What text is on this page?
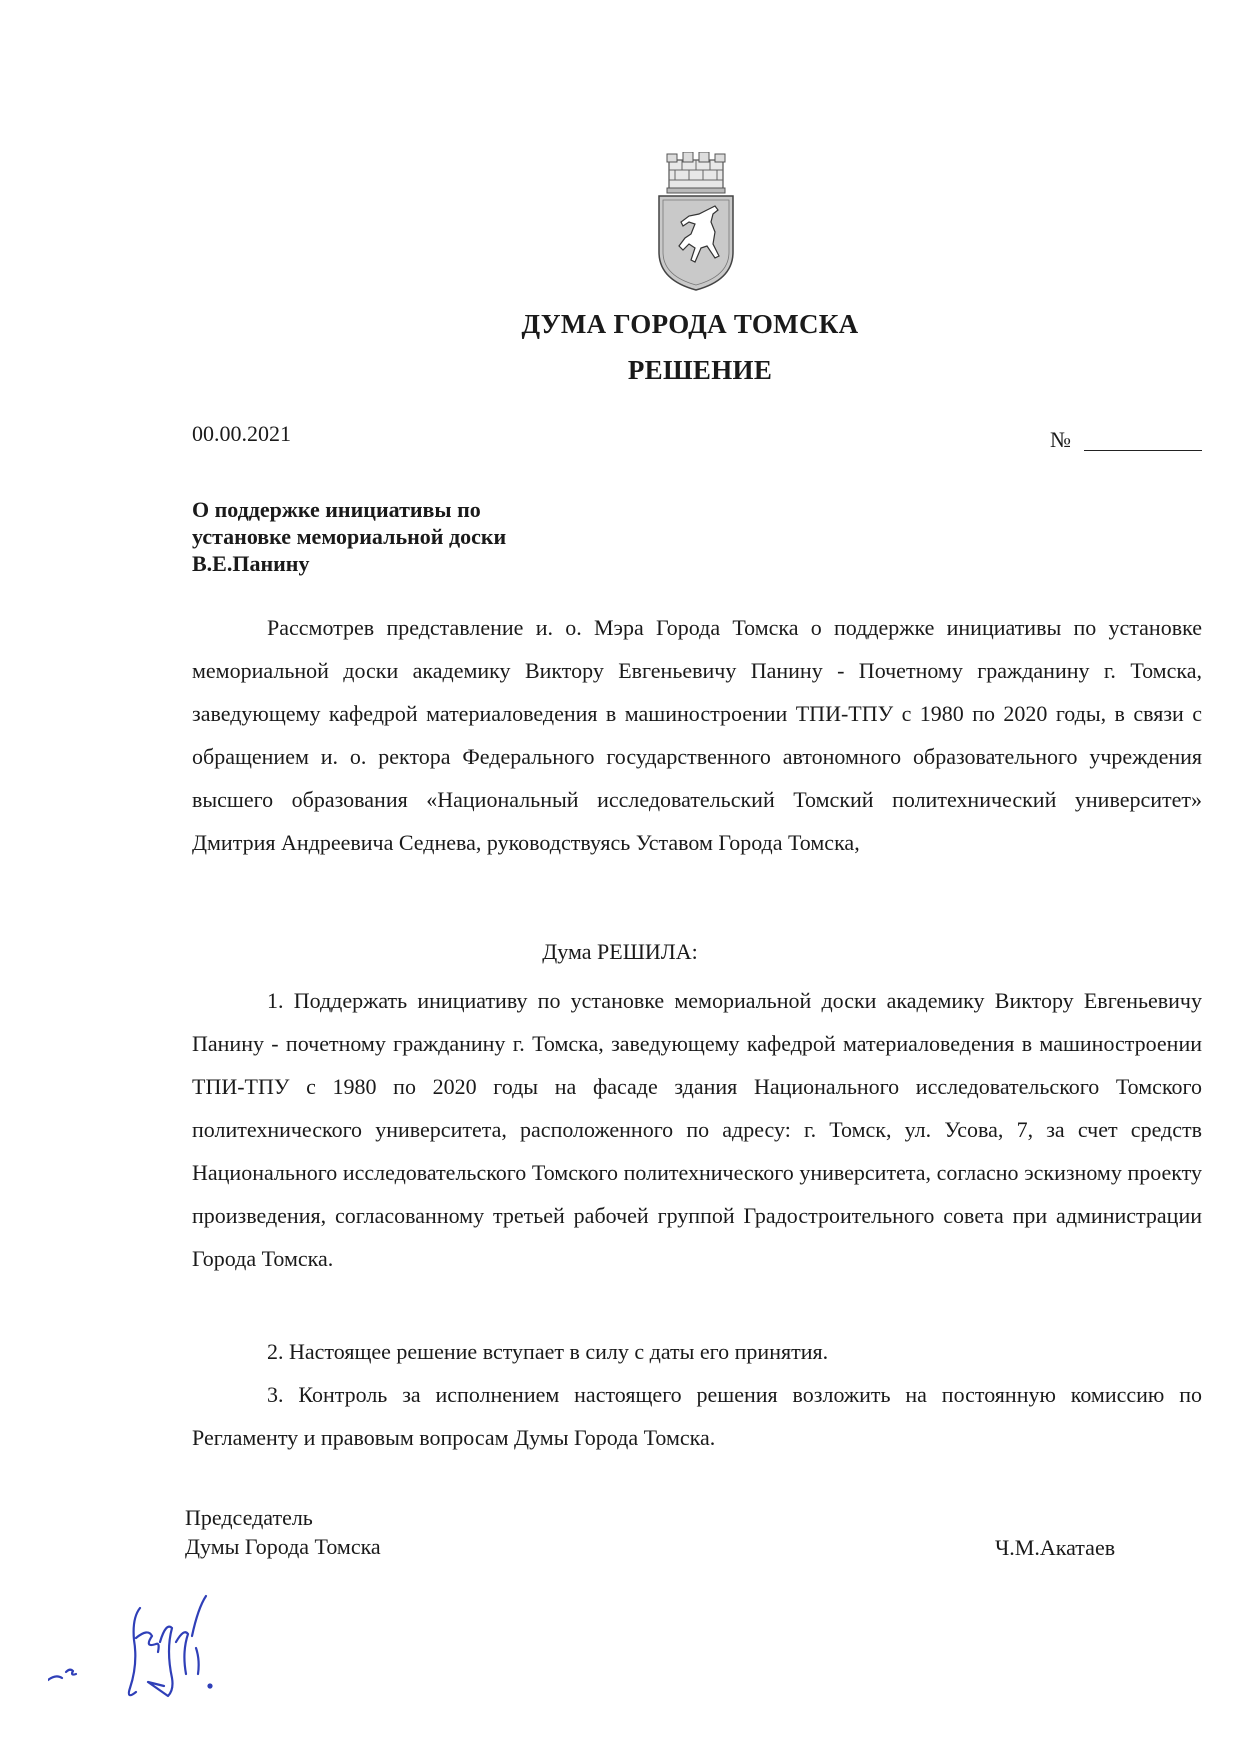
ДУМА ГОРОДА ТОМСКА
РЕШЕНИЕ
00.00.2021	№
О поддержке инициативы по
установке мемориальной доски
В.Е.Панину
Рассмотрев представление и. о. Мэра Города Томска о поддержке инициативы по установке мемориальной доски академику Виктору Евгеньевичу Панину - Почетному гражданину г. Томска, заведующему кафедрой материаловедения в машиностроении ТПИ-ТПУ с 1980 по 2020 годы, в связи с обращением и. о. ректора Федерального государственного автономного образовательного учреждения высшего образования «Национальный исследовательский Томский политехнический университет» Дмитрия Андреевича Седнева, руководствуясь Уставом Города Томска,
Дума РЕШИЛА:
1. Поддержать инициативу по установке мемориальной доски академику Виктору Евгеньевичу Панину - почетному гражданину г. Томска, заведующему кафедрой материаловедения в машиностроении ТПИ-ТПУ с 1980 по 2020 годы на фасаде здания Национального исследовательского Томского политехнического университета, расположенного по адресу: г. Томск, ул. Усова, 7, за счет средств Национального исследовательского Томского политехнического университета, согласно эскизному проекту произведения, согласованному третьей рабочей группой Градостроительного совета при администрации Города Томска.
2. Настоящее решение вступает в силу с даты его принятия.
3. Контроль за исполнением настоящего решения возложить на постоянную комиссию по Регламенту и правовым вопросам Думы Города Томска.
Председатель
Думы Города Томска	Ч.М.Акатаев
